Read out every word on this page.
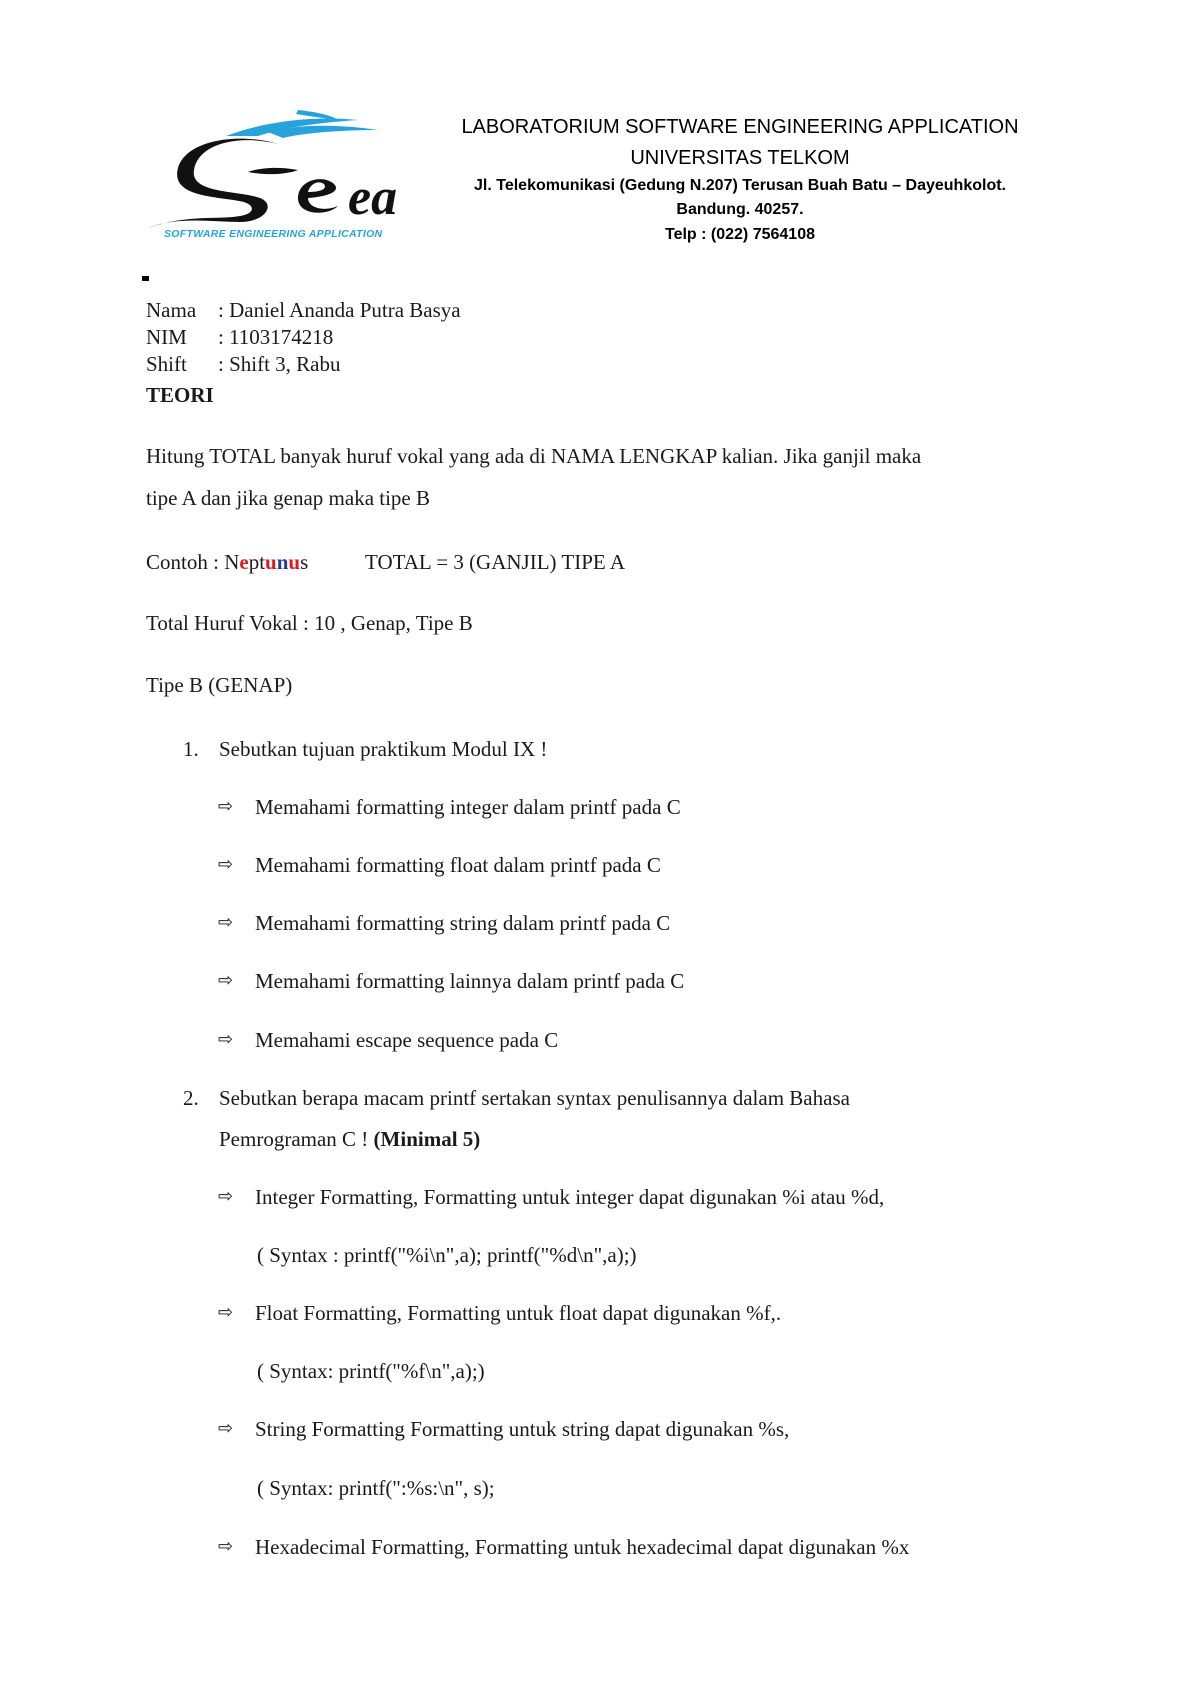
ea
SOFTWARE ENGINEERING APPLICATION
LABORATORIUM SOFTWARE ENGINEERING APPLICATION
UNIVERSITAS TELKOM
Jl. Telekomunikasi (Gedung N.207) Terusan Buah Batu – Dayeuhkolot.
Bandung. 40257.
Telp : (022) 7564108
Nama : Daniel Ananda Putra Basya
NIM : 1103174218
Shift : Shift 3, Rabu
TEORI
Hitung TOTAL banyak huruf vokal yang ada di NAMA LENGKAP kalian. Jika ganjil maka
tipe A dan jika genap maka tipe B
Contoh : Neptunus	TOTAL = 3 (GANJIL) TIPE A
Total Huruf Vokal : 10 , Genap, Tipe B
Tipe B (GENAP)
1. Sebutkan tujuan praktikum Modul IX !
⇨ Memahami formatting integer dalam printf pada C
⇨ Memahami formatting float dalam printf pada C
⇨ Memahami formatting string dalam printf pada C
⇨ Memahami formatting lainnya dalam printf pada C
⇨ Memahami escape sequence pada C
2. Sebutkan berapa macam printf sertakan syntax penulisannya dalam Bahasa
Pemrograman C ! (Minimal 5)
⇨ Integer Formatting, Formatting untuk integer dapat digunakan %i atau %d,
( Syntax : printf("%i\n",a); printf("%d\n",a);)
⇨ Float Formatting, Formatting untuk float dapat digunakan %f,.
( Syntax: printf("%f\n",a);)
⇨ String Formatting Formatting untuk string dapat digunakan %s,
( Syntax: printf(":%s:\n", s);
⇨ Hexadecimal Formatting, Formatting untuk hexadecimal dapat digunakan %x
